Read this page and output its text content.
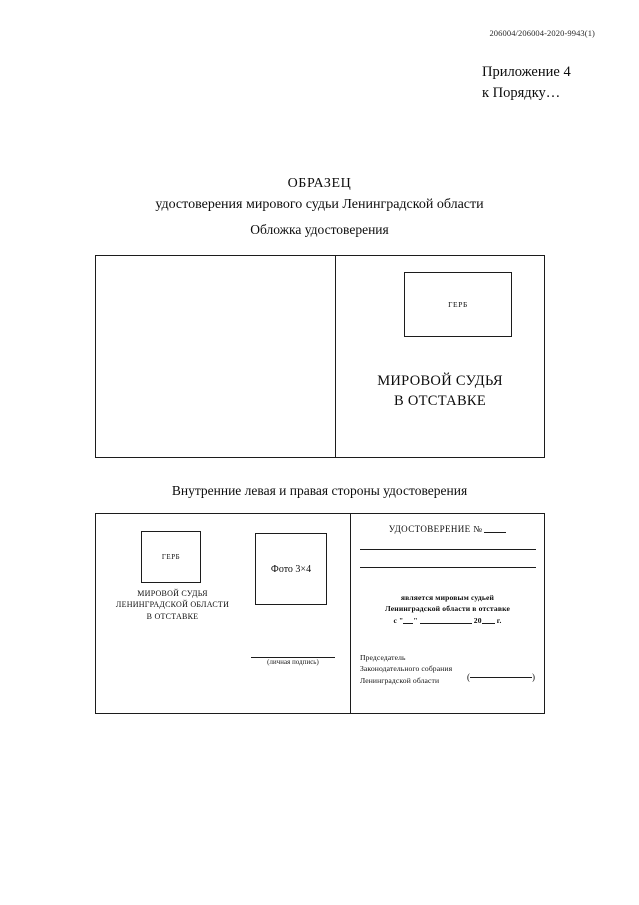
206004/206004-2020-9943(1)
Приложение 4
к Порядку…
ОБРАЗЕЦ
удостоверения мирового судьи Ленинградской области
Обложка удостоверения
ГЕРБ
МИРОВОЙ СУДЬЯ
В ОТСТАВКЕ
Внутренние левая и правая стороны удостоверения
ГЕРБ
МИРОВОЙ СУДЬЯ
ЛЕНИНГРАДСКОЙ ОБЛАСТИ
В ОТСТАВКЕ
Фото 3×4
(личная подпись)
УДОСТОВЕРЕНИЕ №
является мировым судьей
Ленинградской области в отставке
с " "	20 г.
Председатель
Законодательного собрания
Ленинградской области	(	)
